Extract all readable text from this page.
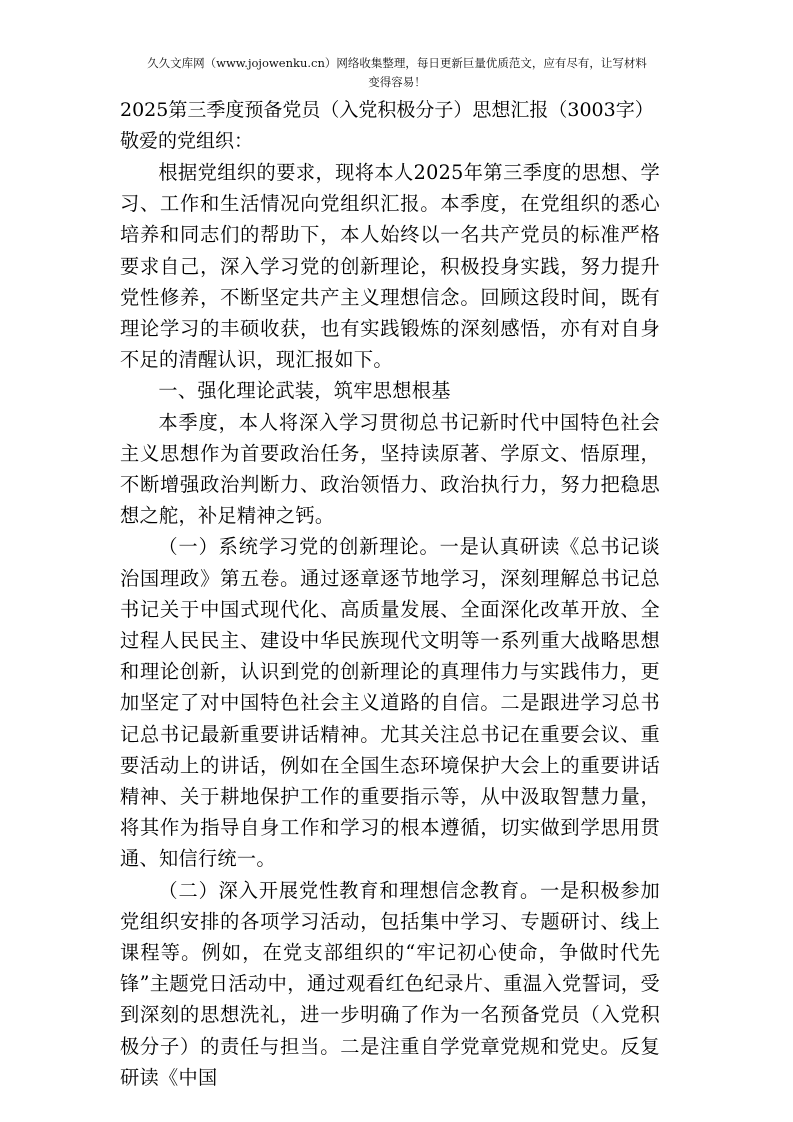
久久文库网（www.jojowenku.cn）网络收集整理，每日更新巨量优质范文，应有尽有，让写材料
变得容易！
2025第三季度预备党员（入党积极分子）思想汇报（3003字）
敬爱的党组织：

根据党组织的要求，现将本人2025年第三季度的思想、学习、工作和生活情况向党组织汇报。本季度，在党组织的悉心培养和同志们的帮助下，本人始终以一名共产党员的标准严格要求自己，深入学习党的创新理论，积极投身实践，努力提升党性修养，不断坚定共产主义理想信念。回顾这段时间，既有理论学习的丰硕收获，也有实践锻炼的深刻感悟，亦有对自身不足的清醒认识，现汇报如下。

一、强化理论武装，筑牢思想根基

本季度，本人将深入学习贯彻总书记新时代中国特色社会主义思想作为首要政治任务，坚持读原著、学原文、悟原理，不断增强政治判断力、政治领悟力、政治执行力，努力把稳思想之舵，补足精神之钙。

（一）系统学习党的创新理论。一是认真研读《总书记谈治国理政》第五卷。通过逐章逐节地学习，深刻理解总书记总书记关于中国式现代化、高质量发展、全面深化改革开放、全过程人民民主、建设中华民族现代文明等一系列重大战略思想和理论创新，认识到党的创新理论的真理伟力与实践伟力，更加坚定了对中国特色社会主义道路的自信。二是跟进学习总书记总书记最新重要讲话精神。尤其关注总书记在重要会议、重要活动上的讲话，例如在全国生态环境保护大会上的重要讲话精神、关于耕地保护工作的重要指示等，从中汲取智慧力量，将其作为指导自身工作和学习的根本遵循，切实做到学思用贯通、知信行统一。

（二）深入开展党性教育和理想信念教育。一是积极参加党组织安排的各项学习活动，包括集中学习、专题研讨、线上课程等。例如，在党支部组织的“牢记初心使命，争做时代先锋”主题党日活动中，通过观看红色纪录片、重温入党誓词，受到深刻的思想洗礼，进一步明确了作为一名预备党员（入党积极分子）的责任与担当。二是注重自学党章党规和党史。反复研读《中国
